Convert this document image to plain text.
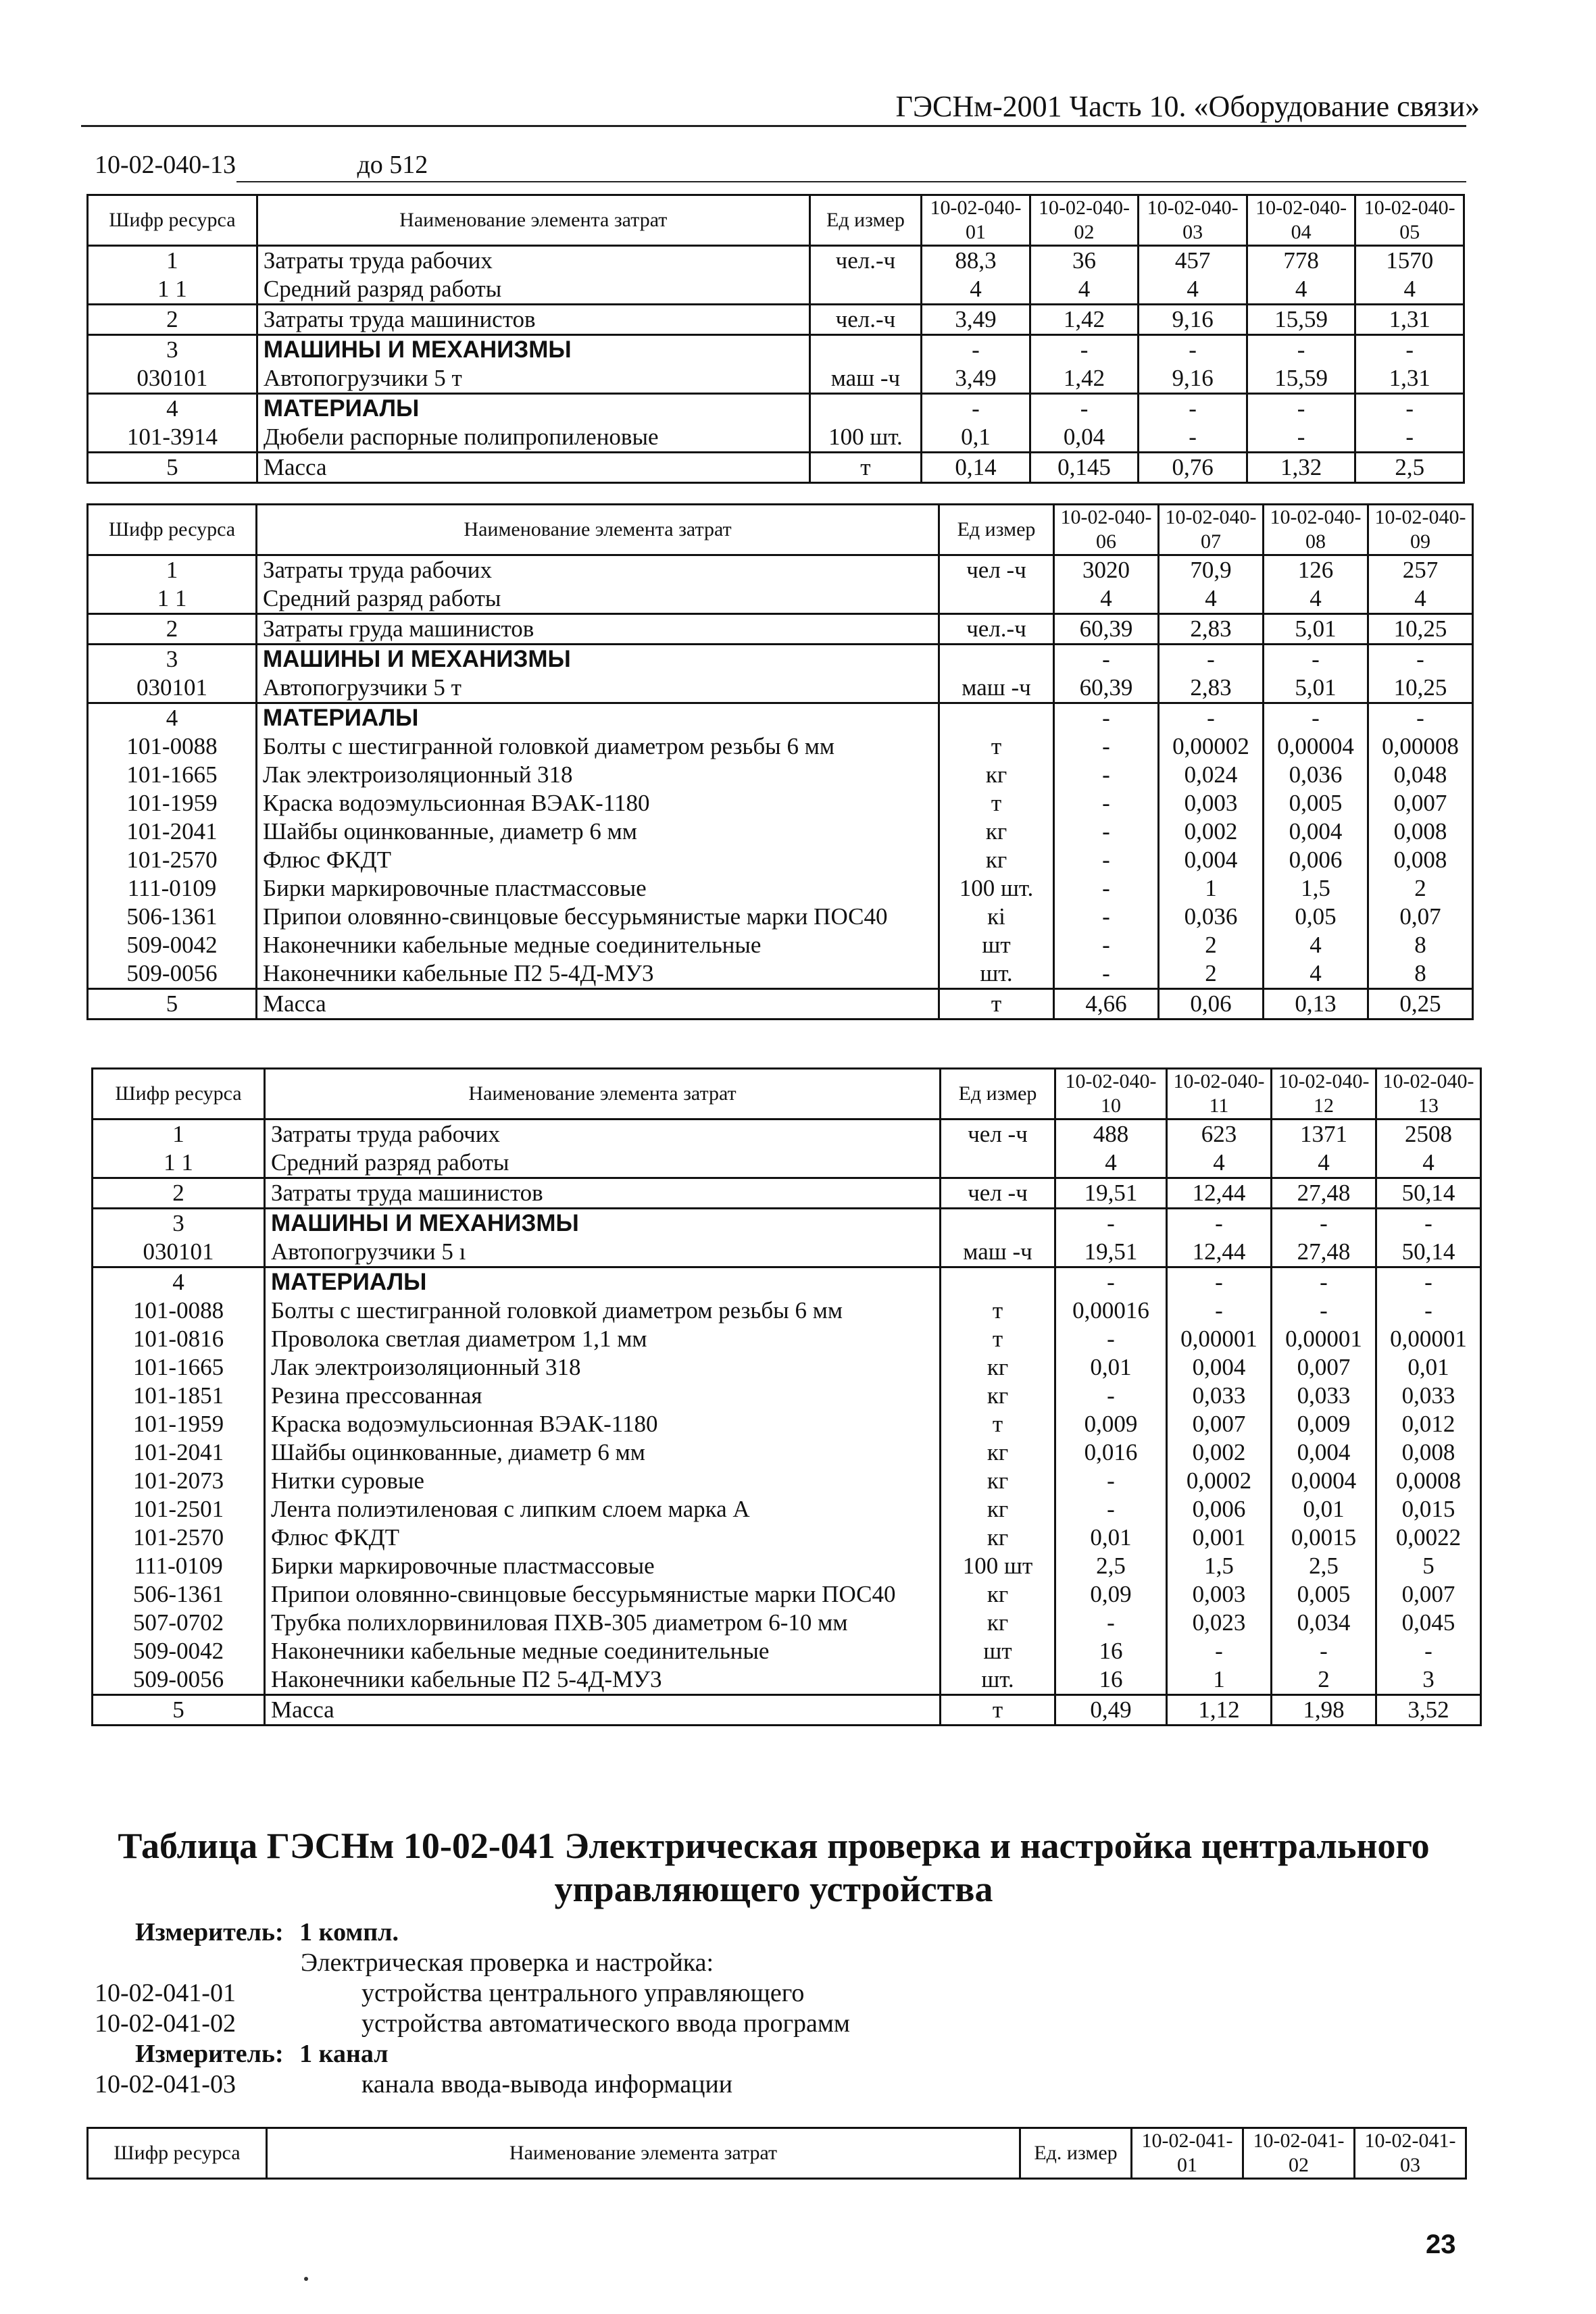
ГЭСНм-2001 Часть 10. «Оборудование связи»
10-02-040-13	до 512
Шифр ресурса	Наименование элемента затрат	Ед измер	10-02-040-01	10-02-040-02	10-02-040-03	10-02-040-04	10-02-040-05
1	Затраты труда рабочих	чел.-ч	88,3	36	457	778	1570
1 1	Средний разряд работы		4	4	4	4	4
2	Затраты труда машинистов	чел.-ч	3,49	1,42	9,16	15,59	1,31
3	МАШИНЫ И МЕХАНИЗМЫ		-	-	-	-	-
030101	Автопогрузчики 5 т	маш -ч	3,49	1,42	9,16	15,59	1,31
4	МАТЕРИАЛЫ		-	-	-	-	-
101-3914	Дюбели распорные полипропиленовые	100 шт.	0,1	0,04	-	-	-
5	Масса	т	0,14	0,145	0,76	1,32	2,5
Шифр ресурса	Наименование элемента затрат	Ед измер	10-02-040-06	10-02-040-07	10-02-040-08	10-02-040-09
1	Затраты труда рабочих	чел -ч	3020	70,9	126	257
1 1	Средний разряд работы		4	4	4	4
2	Затраты груда машинистов	чел.-ч	60,39	2,83	5,01	10,25
3	МАШИНЫ И МЕХАНИЗМЫ		-	-	-	-
030101	Автопогрузчики 5 т	маш -ч	60,39	2,83	5,01	10,25
4	МАТЕРИАЛЫ		-	-	-	-
101-0088	Болты с шестигранной головкой диаметром резьбы 6 мм	т	-	0,00002	0,00004	0,00008
101-1665	Лак электроизоляционный 318	кг	-	0,024	0,036	0,048
101-1959	Краска водоэмульсионная ВЭАК-1180	т	-	0,003	0,005	0,007
101-2041	Шайбы оцинкованные, диаметр 6 мм	кг	-	0,002	0,004	0,008
101-2570	Флюс ФКДТ	кг	-	0,004	0,006	0,008
111-0109	Бирки маркировочные пластмассовые	100 шт.	-	1	1,5	2
506-1361	Припои оловянно-свинцовые бессурьмянистые марки ПОС40	кі	-	0,036	0,05	0,07
509-0042	Наконечники кабельные медные соединительные	шт	-	2	4	8
509-0056	Наконечники кабельные П2 5-4Д-МУ3	шт.	-	2	4	8
5	Масса	т	4,66	0,06	0,13	0,25
Шифр ресурса	Наименование элемента затрат	Ед измер	10-02-040-10	10-02-040-11	10-02-040-12	10-02-040-13
1	Затраты труда рабочих	чел -ч	488	623	1371	2508
1 1	Средний разряд работы		4	4	4	4
2	Затраты труда машинистов	чел -ч	19,51	12,44	27,48	50,14
3	МАШИНЫ И МЕХАНИЗМЫ		-	-	-	-
030101	Автопогрузчики 5 ı	маш -ч	19,51	12,44	27,48	50,14
4	МАТЕРИАЛЫ		-	-	-	-
101-0088	Болты с шестигранной головкой диаметром резьбы 6 мм	т	0,00016	-	-	-
101-0816	Проволока светлая диаметром 1,1 мм	т	-	0,00001	0,00001	0,00001
101-1665	Лак электроизоляционный 318	кг	0,01	0,004	0,007	0,01
101-1851	Резина прессованная	кг	-	0,033	0,033	0,033
101-1959	Краска водоэмульсионная ВЭАК-1180	т	0,009	0,007	0,009	0,012
101-2041	Шайбы оцинкованные, диаметр 6 мм	кг	0,016	0,002	0,004	0,008
101-2073	Нитки суровые	кг	-	0,0002	0,0004	0,0008
101-2501	Лента полиэтиленовая с липким слоем марка А	кг	-	0,006	0,01	0,015
101-2570	Флюс ФКДТ	кг	0,01	0,001	0,0015	0,0022
111-0109	Бирки маркировочные пластмассовые	100 шт	2,5	1,5	2,5	5
506-1361	Припои оловянно-свинцовые бессурьмянистые марки ПОС40	кг	0,09	0,003	0,005	0,007
507-0702	Трубка полихлорвиниловая ПХВ-305 диаметром 6-10 мм	кг	-	0,023	0,034	0,045
509-0042	Наконечники кабельные медные соединительные	шт	16	-	-	-
509-0056	Наконечники кабельные П2 5-4Д-МУ3	шт.	16	1	2	3
5	Масса	т	0,49	1,12	1,98	3,52
Таблица ГЭСНм 10-02-041 Электрическая проверка и настройка центрального управляющего устройства
Измеритель: 1 компл.
Электрическая проверка и настройка:
10-02-041-01	устройства центрального управляющего
10-02-041-02	устройства автоматического ввода программ
Измеритель: 1 канал
10-02-041-03	канала ввода-вывода информации
Шифр ресурса	Наименование элемента затрат	Ед. измер	10-02-041-01	10-02-041-02	10-02-041-03
23
